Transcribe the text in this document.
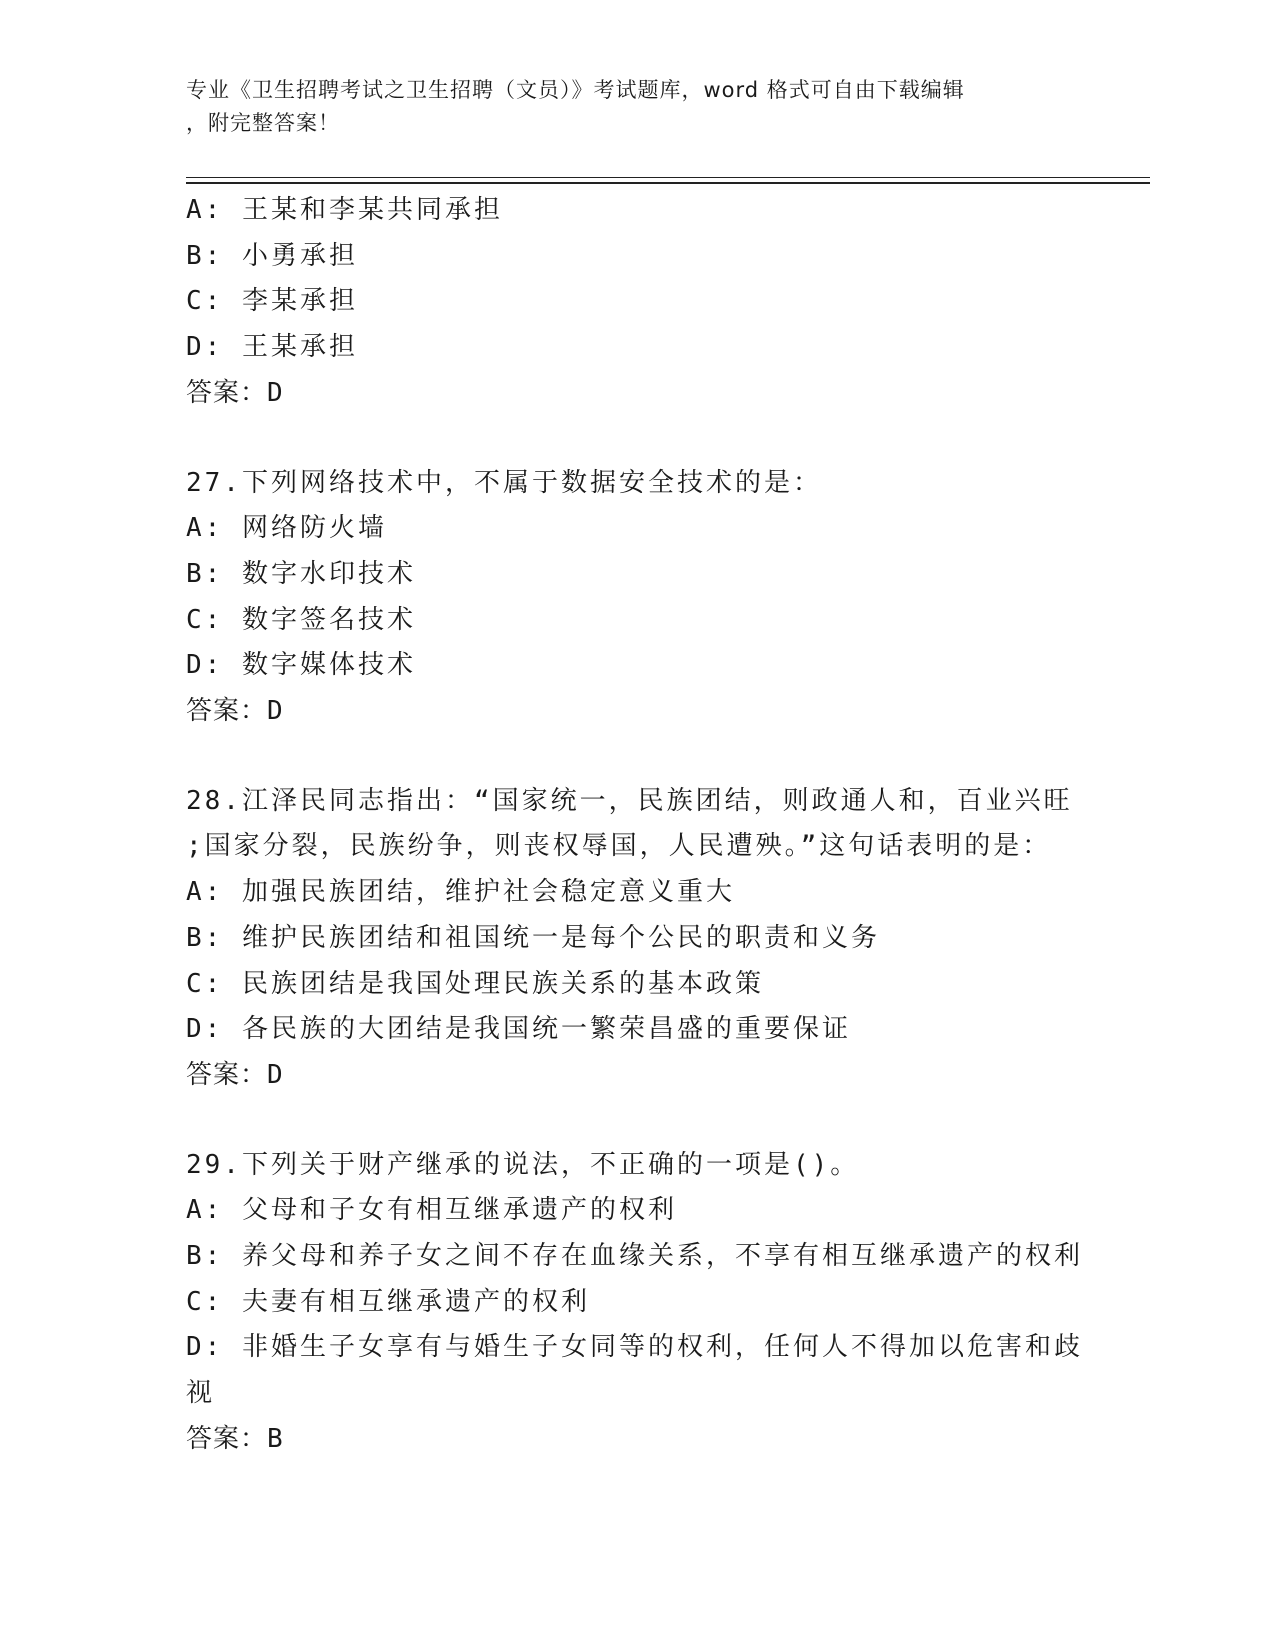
专业《卫生招聘考试之卫生招聘（文员）》考试题库，word 格式可自由下载编辑
，附完整答案！
A: 王某和李某共同承担
B: 小勇承担
C: 李某承担
D: 王某承担
答案：D
27.下列网络技术中，不属于数据安全技术的是：
A: 网络防火墙
B: 数字水印技术
C: 数字签名技术
D: 数字媒体技术
答案：D
28.江泽民同志指出：“国家统一，民族团结，则政通人和，百业兴旺
;国家分裂，民族纷争，则丧权辱国，人民遭殃。”这句话表明的是：
A: 加强民族团结，维护社会稳定意义重大
B: 维护民族团结和祖国统一是每个公民的职责和义务
C: 民族团结是我国处理民族关系的基本政策
D: 各民族的大团结是我国统一繁荣昌盛的重要保证
答案：D
29.下列关于财产继承的说法，不正确的一项是()。
A: 父母和子女有相互继承遗产的权利
B: 养父母和养子女之间不存在血缘关系，不享有相互继承遗产的权利
C: 夫妻有相互继承遗产的权利
D: 非婚生子女享有与婚生子女同等的权利，任何人不得加以危害和歧
视
答案：B
